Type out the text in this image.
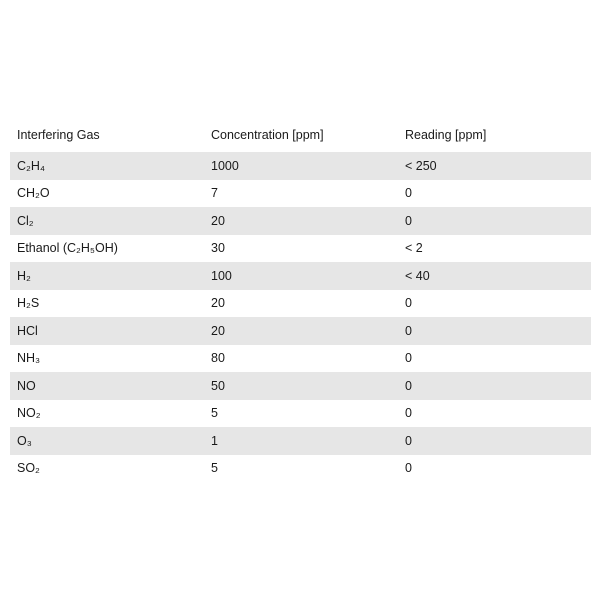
Interfering Gas	Concentration [ppm]	Reading [ppm]
C₂H₄	1000	< 250
CH₂O	7	0
Cl₂	20	0
Ethanol (C₂H₅OH)	30	< 2
H₂	100	< 40
H₂S	20	0
HCl	20	0
NH₃	80	0
NO	50	0
NO₂	5	0
O₃	1	0
SO₂	5	0
